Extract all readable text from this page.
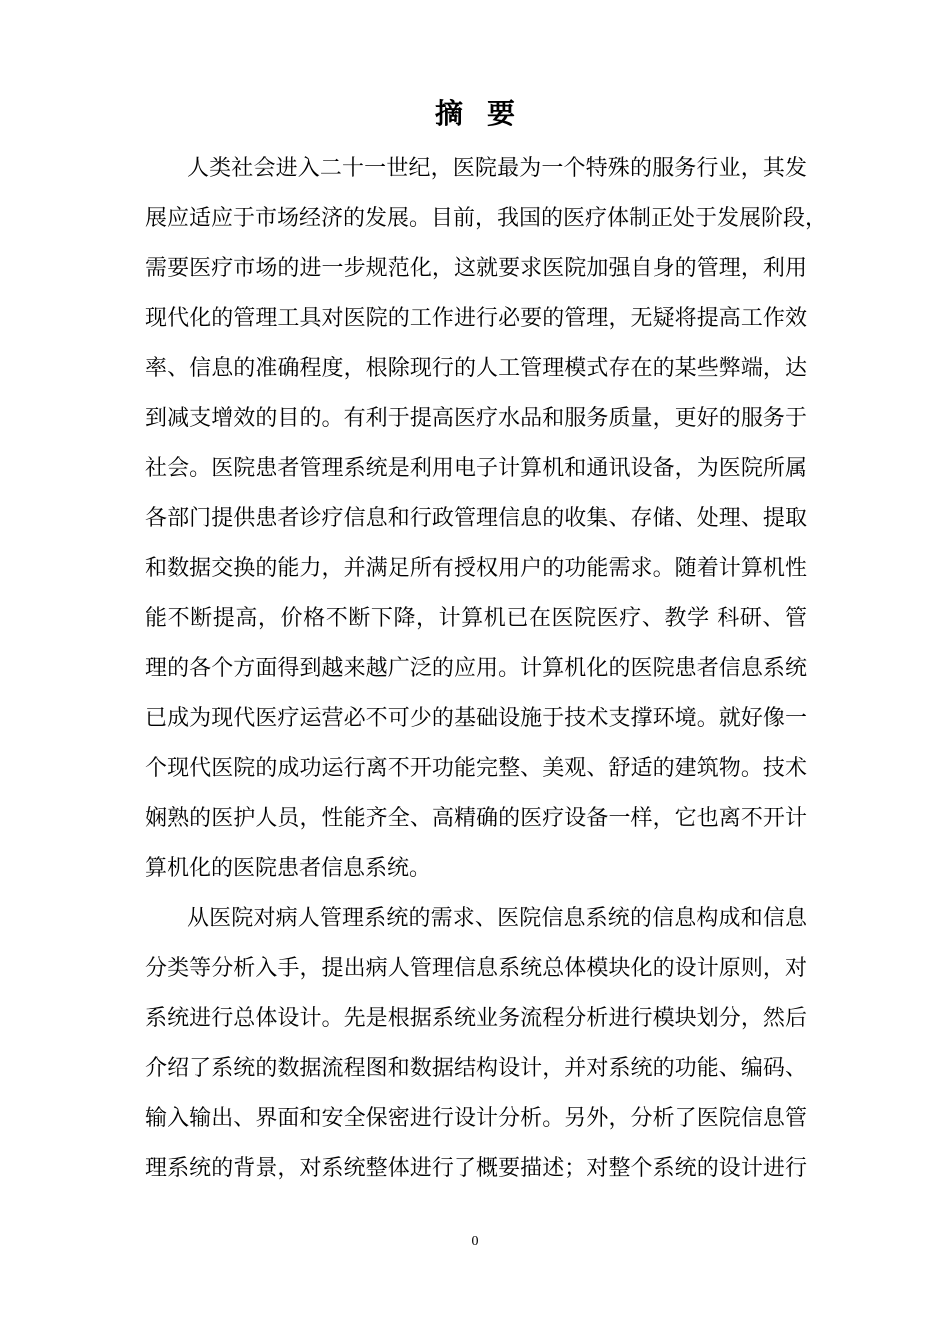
摘要
人类社会进入二十一世纪，医院最为一个特殊的服务行业，其发
展应适应于市场经济的发展。目前，我国的医疗体制正处于发展阶段，
需要医疗市场的进一步规范化，这就要求医院加强自身的管理，利用
现代化的管理工具对医院的工作进行必要的管理，无疑将提高工作效
率、信息的准确程度，根除现行的人工管理模式存在的某些弊端，达
到减支增效的目的。有利于提高医疗水品和服务质量，更好的服务于
社会。医院患者管理系统是利用电子计算机和通讯设备，为医院所属
各部门提供患者诊疗信息和行政管理信息的收集、存储、处理、提取
和数据交换的能力，并满足所有授权用户的功能需求。随着计算机性
能不断提高，价格不断下降，计算机已在医院医疗、教学 科研、管
理的各个方面得到越来越广泛的应用。计算机化的医院患者信息系统
已成为现代医疗运营必不可少的基础设施于技术支撑环境。就好像一
个现代医院的成功运行离不开功能完整、美观、舒适的建筑物。技术
娴熟的医护人员，性能齐全、高精确的医疗设备一样，它也离不开计
算机化的医院患者信息系统。
从医院对病人管理系统的需求、医院信息系统的信息构成和信息
分类等分析入手，提出病人管理信息系统总体模块化的设计原则，对
系统进行总体设计。先是根据系统业务流程分析进行模块划分，然后
介绍了系统的数据流程图和数据结构设计，并对系统的功能、编码、
输入输出、界面和安全保密进行设计分析。另外，分析了医院信息管
理系统的背景，对系统整体进行了概要描述；对整个系统的设计进行
0
